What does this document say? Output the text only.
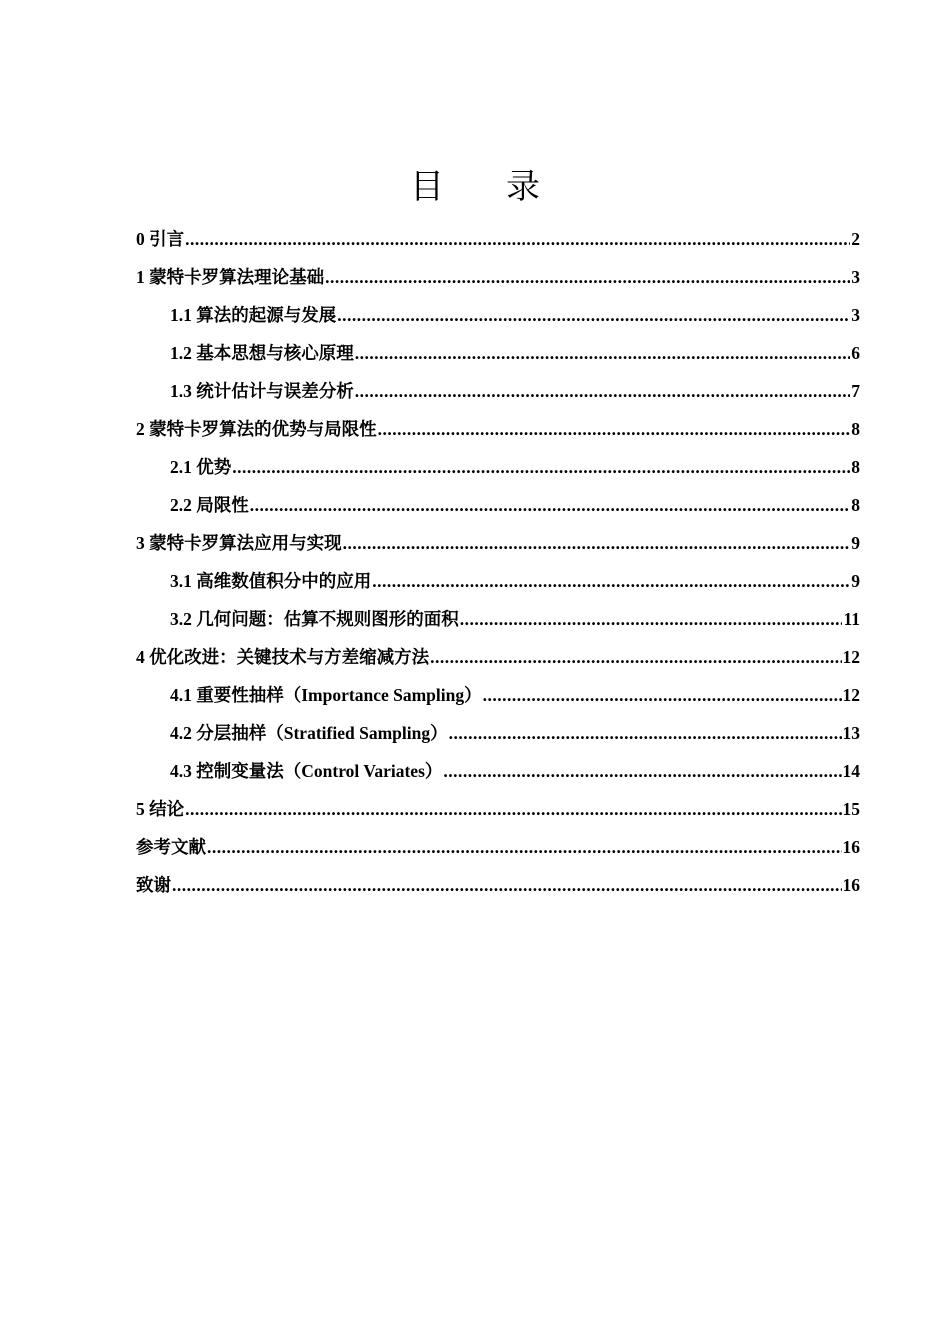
目录
0 引言 .....	2
1 蒙特卡罗算法理论基础 .....	3
1.1 算法的起源与发展 .....	3
1.2 基本思想与核心原理 .....	6
1.3 统计估计与误差分析 .....	7
2 蒙特卡罗算法的优势与局限性 .....	8
2.1 优势 .....	8
2.2 局限性 .....	8
3 蒙特卡罗算法应用与实现 .....	9
3.1 高维数值积分中的应用 .....	9
3.2 几何问题：估算不规则图形的面积 .....	11
4 优化改进：关键技术与方差缩减方法 .....	12
4.1 重要性抽样（Importance Sampling） .....	12
4.2 分层抽样（Stratified Sampling） .....	13
4.3 控制变量法（Control Variates） .....	14
5 结论 .....	15
参考文献 .....	16
致谢 .....	16
